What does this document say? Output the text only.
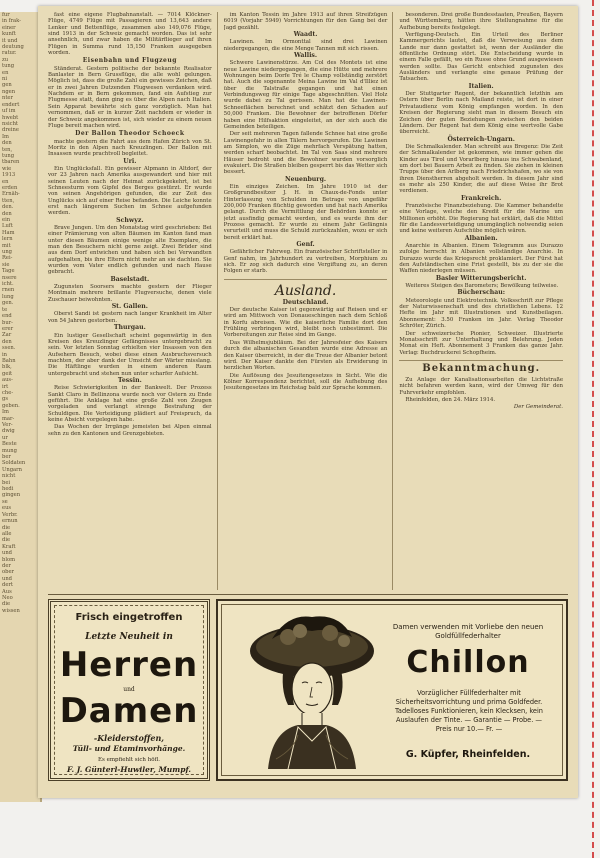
fur

in frak-

einer

kunft

it und

deutung

ratur.

zu

tung

en

ni

gen

ngen

nter

endert

uf im

hwebt

nsicht

dreine

Im

den

ten,

tung

tbaren

wie

1913

en

erden

Ernäh-

tten,

den.

den

ein

Luft

Ham

lern

mit

ung

Rei-

sie

Tage

nsere

icht.

rnen

lung

gen.

te

end

bur-

erer

Zar

den

ssen.

in

Bahn

blk,

geit

aus-

irt

che-

gs

geben.

Im

mar-

Ver-

dwig

ur

Beste

mung

ber

Soldaten

Ungarn

nicht

bei

hedi

gingen

se

eus

Verbr.

ernun

die

alle

die

Kraft

und

blom

der

ober

und

dert

Aus

Neo

die

wissen

fast eine eigene Flugbahnanstalt. — 7014 Klöckner-Flüge, 4749 Flüge mit Passagieren und 13,643 andere Lenker und Bettenflüge, zusammen also 149,076 Flüge, sind 1913 in der Schweiz gemacht worden. Das ist sehr ansehnlich, und zwar haben die Militärflieger auf ihren Flügen in Summa rund 15,150 Franken ausgegeben worden.

Eisenbahn und Flugzeug

Ständerat. Gestern politische der bekannte Realisator Banlaster in Bern Grussflüge, die alle wohl gelungen. Möglich ist, dass die große Zahl ein gewisses Zeichen, daß er in zwei Jahren Dutzenden Flugwesen verdanken wird. Nachdem er in Bern gekommen, fand ein Aufstieg zur Flugmesse statt, dann ging es über die Alpen nach Italien. Sein Apparat bewährte sich ganz vorzüglich. Man hat vernommen, daß er in kurzer Zeit nachdem er wieder in der Schweiz angekommen ist, sich wieder zu einem neuen Fluge bereit machen wird.

Der Ballon Theodor Schoeck

machte gestern die Fahrt aus dem Hafen Zürich von St. Moritz in den Alpen nach Kreuzlingen. Der Ballon mit Insassen wurde prachtvoll begleitet.

Uri.

Ein Unglücksfall. Ein gewisser Alpmann in Altdorf, der vor 23 Jahren nach Amerika ausgewandert und hier mit seinen Leuten nach der Heimat zurückgekehrt, ist bei Schneesturm vom Gipfel des Berges gestürzt. Er wurde von seinen Angehörigen gefunden, die zur Zeit des Unglücks sich auf einer Reise befanden. Die Leiche konnte erst nach längerem Suchen im Schnee aufgefunden werden.

Schwyz.

Brave Jungen. Um den Monatstag wird geschrieben: Bei einer Prämierung von alten Bäumen im Kanton fand man unter diesen Bäumen einige wenige alte Exemplare, die man den Besuchern nicht gerne zeigt. Zwei Brüder sind aus dem Dorf entwichen und haben sich bei Verwandten aufgehalten, bis ihre Eltern nicht mehr an sie dachten. Sie wurden vom Vater endlich gefunden und nach Hause gebracht.

Baselstadt.

Zugunsten Soorsers machte gestern der Flieger Montmain mehrere brillante Flugversuche, denen viele Zuschauer beiwohnten.

St. Gallen.

Oberst Sandi ist gestern nach langer Krankheit im Alter von 54 Jahren gestorben.

Thurgau.

Ein lustiger Gesellschaft scheint gegenwärtig in den Kreisen des Kreuzlinger Gefängnisses untergebracht zu sein. Vor letzten Sonntag erhielten vier Insassen von den Aufsehern Besuch, wobei diese einen Ausbruchsversuch machten, der aber dank der Umsicht der Wärter misslang. Die Häftlinge wurden in einem anderen Raum untergebracht und stehen nun unter scharfer Aufsicht.

Tessin.

Reise Schwierigkeiten in der Bankwelt. Der Prozess Sankt Claro in Bellinzona wurde noch vor Ostern zu Ende geführt. Die Anklage hat eine große Zahl von Zeugen vorgeladen und verlangt strenge Bestrafung der Schuldigen. Die Verteidigung plädiert auf Freispruch, da keine Absicht vorgelegen habe.

Das Wochen der Irrgänge jemeisten bei Alpen einmal sehn zu den Kantonen und Grenzgebieten.

im Kanton Tessin im Jahre 1913 auf ihren Streifzügen 6019 (Vorjahr 5949) Vorrichtungen für den Gang bei der Jagd gezählt.

Waadt.

Lawinen. Im Ormonttal sind drei Lawinen niedergegangen, die eine Menge Tannen mit sich rissen.

Wallis.

Schwere Lawinenstürze. Am Col des Montets ist eine neue Lawine niedergegangen, die eine Hütte und mehrere Wohnungen beim Dorfe Tré le Champ vollständig zerstört hat. Auch die sogenannte Meina Lawine im Val d'Illiez ist über die Talstraße gegangen und hat einen Verbindungsweg für einige Tage abgeschnitten. Viel Holz wurde dabei zu Tal gerissen. Man hat die Lawinen-Schneeflächen berechnet und schätzt den Schaden auf 50,000 Franken. Die Bewohner der betroffenen Dörfer haben eine Hilfsaktion eingeleitet, an der sich auch die Gemeinden beteiligen.

Der seit mehreren Tagen fallende Schnee hat eine große Lawinengefahr in allen Tälern hervorgerufen. Die Lawinen am Simplon, wo die Züge mehrfach Verspätung hatten, werden scharf beobachtet. Im Tal von Saas sind mehrere Häuser bedroht und die Bewohner wurden vorsorglich evakuiert. Die Straßen bleiben gesperrt bis das Wetter sich bessert.

Neuenburg.

Ein einziges Zeichen. Im Jahre 1910 ist der Großgrundbesitzer J. H. in Chaux-de-Fonds unter Hinterlassung von Schulden im Betrage von ungefähr 200,000 Franken flüchtig geworden und hat nach Amerika gelangt. Durch die Vermittlung der Behörden konnte er jetzt ausfindig gemacht werden, und es wurde ihm der Prozess gemacht. Er wurde zu einem Jahr Gefängnis verurteilt und muss die Schuld zurückzahlen, wozu er sich bereit erklärt hat.

Genf.

Gefährlicher Fahrweg. Ein französischer Schriftsteller in Genf nahm, im Jahrhundert zu vertreiben, Morphium zu sich. Er zog sich dadurch eine Vergiftung zu, an deren Folgen er starb.

Ausland.

Deutschland.

Der deutsche Kaiser ist gegenwärtig auf Reisen und er wird am Mittwoch von Donaueschingen nach dem Schloß in Korfu abreisen. Wie die kaiserliche Familie dort den Frühling verbringen wird, bleibt noch unbestimmt. Die Vorbereitungen zur Reise sind im Gange.

Das Wilhelmsjubiläum. Bei der Jahresfeier des Kaisers durch die albanischen Gesandten wurde eine Adresse an den Kaiser überreicht, in der die Treue der Albanier betont wird. Der Kaiser dankte den Fürsten als Erwiderung in herzlichen Worten.

Die Auflösung des Jesuitengesetzes in Sicht. Wie die Kölner Korrespondenz berichtet, soll die Aufhebung des Jesuitengesetzes im Reichstag bald zur Sprache kommen.

besonderen. Drei große Bundesstaaten, Preußen, Bayern und Württemberg, hätten ihre Stellungnahme für die Aufhebung bereits festgelegt.

Verfügung-Deutsch. Ein Urteil des Berliner Kammergerichts lautet, daß die Verweisung aus dem Lande nur dann gestattet ist, wenn der Ausländer die öffentliche Ordnung stört. Die Entscheidung wurde in einem Falle gefällt, wo ein Russe ohne Grund ausgewiesen werden sollte. Das Gericht entschied zugunsten des Ausländers und verlangte eine genaue Prüfung der Tatsachen.

Italien.

Der Stuttgarter Regent, der bekanntlich letzthin am Ostern über Berlin nach Mailand reiste, ist dort in einer Privataudienz vom König empfangen worden. In den Kreisen der Regierung sieht man in diesem Besuch ein Zeichen der guten Beziehungen zwischen den beiden Ländern. Der Regent hat dem König eine wertvolle Gabe überreicht.

Österreich-Ungarn.

Die Schmalkalender. Man schreibt aus Bregenz: Die Zeit der Schmalkalender ist gekommen, wie immer gehen die Kinder aus Tirol und Vorarlberg hinaus ins Schwabenland, um dort bei Bauern Arbeit zu finden. Sie ziehen in kleinen Trupps über den Arlberg nach Friedrichshafen, wo sie von ihren Dienstherren abgeholt werden. In diesem Jahr sind es mehr als 250 Kinder, die auf diese Weise ihr Brot verdienen.

Frankreich.

Französische Finanzbeziehung. Die Kammer behandelte eine Vorlage, welche den Kredit für die Marine um Millionen erhöht. Die Regierung hat erklärt, daß die Mittel für die Landesverteidigung unumgänglich notwendig seien und keine weiteren Aufschübe möglich wären.

Albanien.

Anarchie in Albanien. Einem Telegramm aus Durazzo zufolge herrscht in Albanien vollständige Anarchie. In Durazzo wurde das Kriegsrecht proklamiert. Der Fürst hat den Aufständischen eine Frist gestellt, bis zu der sie die Waffen niederlegen müssen.

Basler Witterungsbericht.

Weiteres Steigen des Barometers; Bewölkung teilweise.

Bücherschau:

Meteorologie und Elektrotechnik. Volksschrift zur Pflege der Naturwissenschaft und des christlichen Lebens. 12 Hefte im Jahr mit Illustrationen und Kunstbeilagen. Abonnement: 3.50 Franken im Jahr. Verlag Theodor Schröter, Zürich.

Der schweizerische Pionier, Schweizer. Illustrierte Monatsschrift zur Unterhaltung und Belehrung. Jeden Monat ein Heft. Abonnement 3 Franken das ganze Jahr. Verlag: Buchdruckerei Schopfheim.

Bekanntmachung.

Zu Anlage der Kanalisationsarbeiten die Lichtstraße nicht befahren werden kann, wird der Umweg für den Fuhrverkehr empfohlen.

Rheinfelden, den 24. März 1914.

Der Gemeinderat.

Frisch eingetroffen
Letzte Neuheit in
Herren
und
Damen
-Kleiderstoffen,
Tüll- und Etaminvorhänge.
Es empfiehlt sich höfl.
F. J. Günterl-Huwiler, Mumpf.
Damen verwenden mit Vorliebe den neuen Goldfüllfederhalter
Chillon
Vorzüglicher Füllfederhalter mit Sicherheitsvorrichtung und prima Goldfeder. Tadelloses Funktionieren, kein Klecksen, kein Auslaufen der Tinte. — Garantie — Probe. — Preis nur 10.— Fr. —
G. Küpfer, Rheinfelden.
